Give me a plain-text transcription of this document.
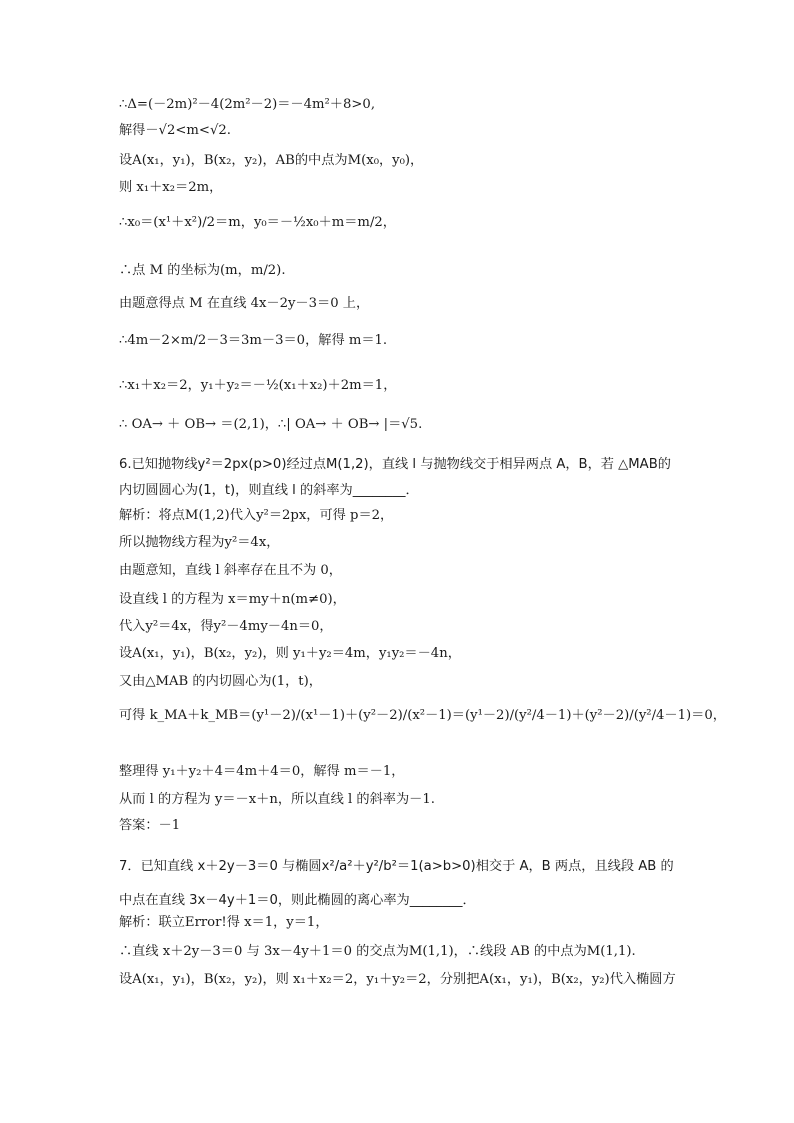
∴Δ=(－2m)²－4(2m²－2)＝－4m²＋8>0,
解得－√2<m<√2.
设A(x₁，y₁)，B(x₂，y₂)，AB的中点为M(x₀，y₀)，
则 x₁＋x₂＝2m，
∴x₀＝(x¹＋x²)/2＝m，y₀＝－½x₀＋m＝m/2，
∴点 M 的坐标为(m，m/2).
由题意得点 M 在直线 4x－2y－3＝0 上，
∴4m－2×m/2－3＝3m－3＝0，解得 m＝1.
∴x₁＋x₂＝2，y₁＋y₂＝－½(x₁＋x₂)＋2m＝1，
∴ OA→ ＋ OB→ ＝(2,1)，∴| OA→ ＋ OB→ |＝√5.
6.已知抛物线y²＝2px(p>0)经过点M(1,2)，直线 l 与抛物线交于相异两点 A，B，若 △MAB的内切圆圆心为(1，t)，则直线 l 的斜率为________．
解析：将点M(1,2)代入y²＝2px，可得 p＝2，
所以抛物线方程为y²＝4x，
由题意知，直线 l 斜率存在且不为 0，
设直线 l 的方程为 x＝my＋n(m≠0)，
代入y²＝4x，得y²－4my－4n＝0，
设A(x₁，y₁)，B(x₂，y₂)，则 y₁＋y₂＝4m，y₁y₂＝－4n，
又由△MAB 的内切圆心为(1，t)，
可得 k_MA＋k_MB＝(y¹－2)/(x¹－1)＋(y²－2)/(x²－1)＝(y¹－2)/(y²/4－1)＋(y²－2)/(y²/4－1)＝0，
整理得 y₁＋y₂＋4＝4m＋4＝0，解得 m＝－1，
从而 l 的方程为 y＝－x＋n，所以直线 l 的斜率为－1.
答案：－1
7．已知直线 x＋2y－3＝0 与椭圆x²/a²＋y²/b²＝1(a>b>0)相交于 A，B 两点，且线段 AB 的中点在直线 3x－4y＋1＝0，则此椭圆的离心率为________．
解析：联立Error!得 x＝1，y＝1，
∴直线 x＋2y－3＝0 与 3x－4y＋1＝0 的交点为M(1,1)，∴线段 AB 的中点为M(1,1).
设A(x₁，y₁)，B(x₂，y₂)，则 x₁＋x₂＝2，y₁＋y₂＝2，分别把A(x₁，y₁)，B(x₂，y₂)代入椭圆方
